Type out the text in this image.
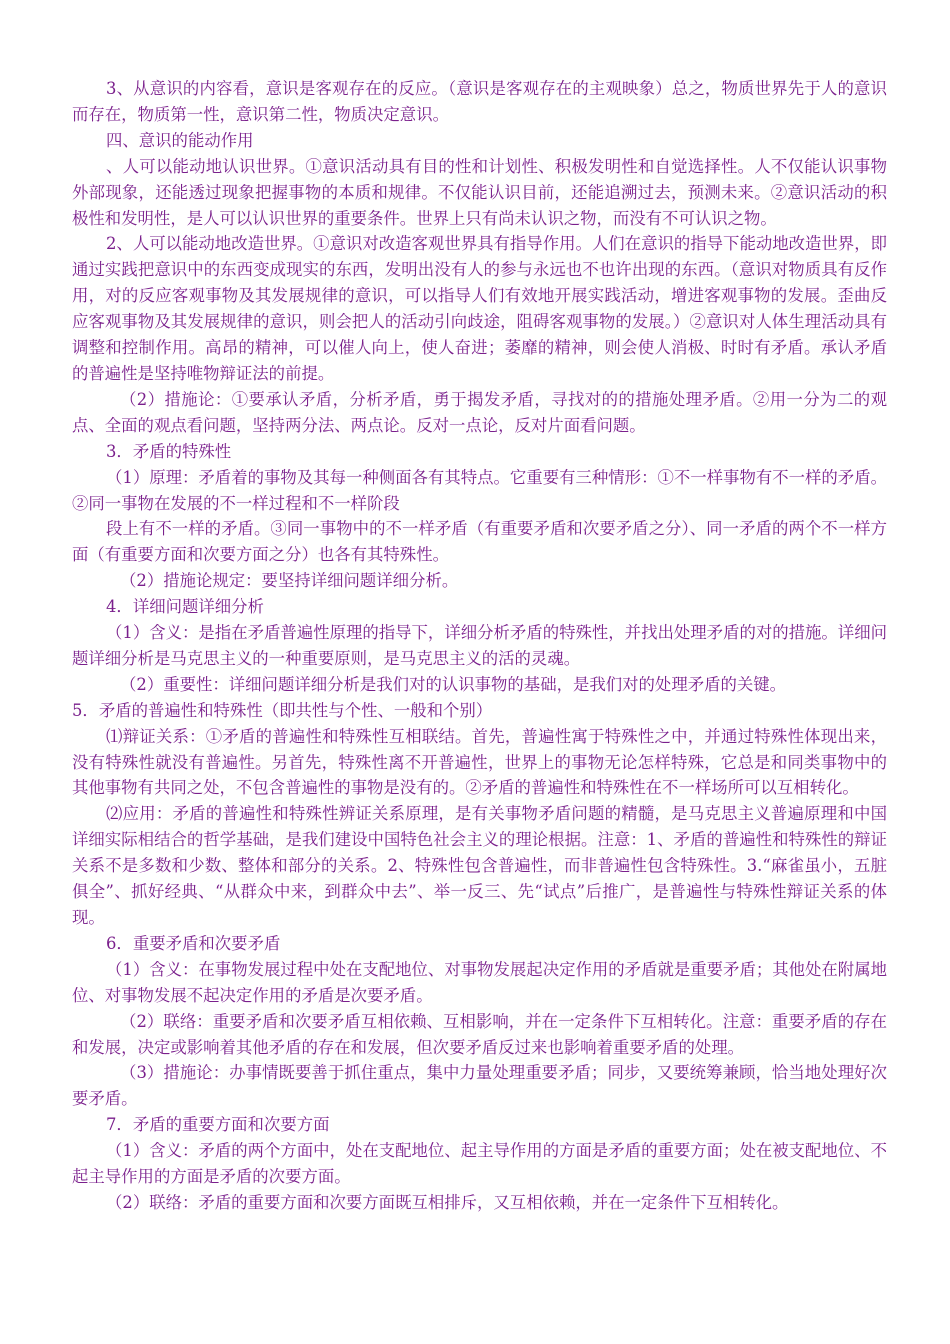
3、从意识的内容看，意识是客观存在的反应。（意识是客观存在的主观映象）总之，物质世界先于人的意识而存在，物质第一性，意识第二性，物质决定意识。

四、意识的能动作用

、人可以能动地认识世界。①意识活动具有目的性和计划性、积极发明性和自觉选择性。人不仅能认识事物外部现象，还能透过现象把握事物的本质和规律。不仅能认识目前，还能追溯过去，预测未来。②意识活动的积极性和发明性，是人可以认识世界的重要条件。世界上只有尚未认识之物，而没有不可认识之物。

2、人可以能动地改造世界。①意识对改造客观世界具有指导作用。人们在意识的指导下能动地改造世界，即通过实践把意识中的东西变成现实的东西，发明出没有人的参与永远也不也许出现的东西。（意识对物质具有反作用，对的反应客观事物及其发展规律的意识，可以指导人们有效地开展实践活动，增进客观事物的发展。歪曲反应客观事物及其发展规律的意识，则会把人的活动引向歧途，阻碍客观事物的发展。）②意识对人体生理活动具有调整和控制作用。高昂的精神，可以催人向上，使人奋进；萎靡的精神，则会使人消极、时时有矛盾。承认矛盾的普遍性是坚持唯物辩证法的前提。

（2）措施论：①要承认矛盾，分析矛盾，勇于揭发矛盾，寻找对的的措施处理矛盾。②用一分为二的观点、全面的观点看问题，坚持两分法、两点论。反对一点论，反对片面看问题。

3．矛盾的特殊性

（1）原理：矛盾着的事物及其每一种侧面各有其特点。它重要有三种情形：①不一样事物有不一样的矛盾。②同一事物在发展的不一样过程和不一样阶段

段上有不一样的矛盾。③同一事物中的不一样矛盾（有重要矛盾和次要矛盾之分）、同一矛盾的两个不一样方面（有重要方面和次要方面之分）也各有其特殊性。

（2）措施论规定：要坚持详细问题详细分析。

4．详细问题详细分析

（1）含义：是指在矛盾普遍性原理的指导下，详细分析矛盾的特殊性，并找出处理矛盾的对的措施。详细问题详细分析是马克思主义的一种重要原则，是马克思主义的活的灵魂。

（2）重要性：详细问题详细分析是我们对的认识事物的基础，是我们对的处理矛盾的关键。

5．矛盾的普遍性和特殊性（即共性与个性、一般和个别）

⑴辩证关系：①矛盾的普遍性和特殊性互相联结。首先，普遍性寓于特殊性之中，并通过特殊性体现出来，没有特殊性就没有普遍性。另首先，特殊性离不开普遍性，世界上的事物无论怎样特殊，它总是和同类事物中的其他事物有共同之处，不包含普遍性的事物是没有的。②矛盾的普遍性和特殊性在不一样场所可以互相转化。

⑵应用：矛盾的普遍性和特殊性辨证关系原理，是有关事物矛盾问题的精髓，是马克思主义普遍原理和中国详细实际相结合的哲学基础，是我们建设中国特色社会主义的理论根据。注意：1、矛盾的普遍性和特殊性的辩证关系不是多数和少数、整体和部分的关系。2、特殊性包含普遍性，而非普遍性包含特殊性。3.“麻雀虽小，五脏俱全”、抓好经典、“从群众中来，到群众中去”、举一反三、先“试点”后推广，是普遍性与特殊性辩证关系的体现。

6．重要矛盾和次要矛盾

（1）含义：在事物发展过程中处在支配地位、对事物发展起决定作用的矛盾就是重要矛盾；其他处在附属地位、对事物发展不起决定作用的矛盾是次要矛盾。

（2）联络：重要矛盾和次要矛盾互相依赖、互相影响，并在一定条件下互相转化。注意：重要矛盾的存在和发展，决定或影响着其他矛盾的存在和发展，但次要矛盾反过来也影响着重要矛盾的处理。

（3）措施论：办事情既要善于抓住重点，集中力量处理重要矛盾；同步，又要统筹兼顾，恰当地处理好次要矛盾。

7．矛盾的重要方面和次要方面

（1）含义：矛盾的两个方面中，处在支配地位、起主导作用的方面是矛盾的重要方面；处在被支配地位、不起主导作用的方面是矛盾的次要方面。

（2）联络：矛盾的重要方面和次要方面既互相排斥，又互相依赖，并在一定条件下互相转化。
